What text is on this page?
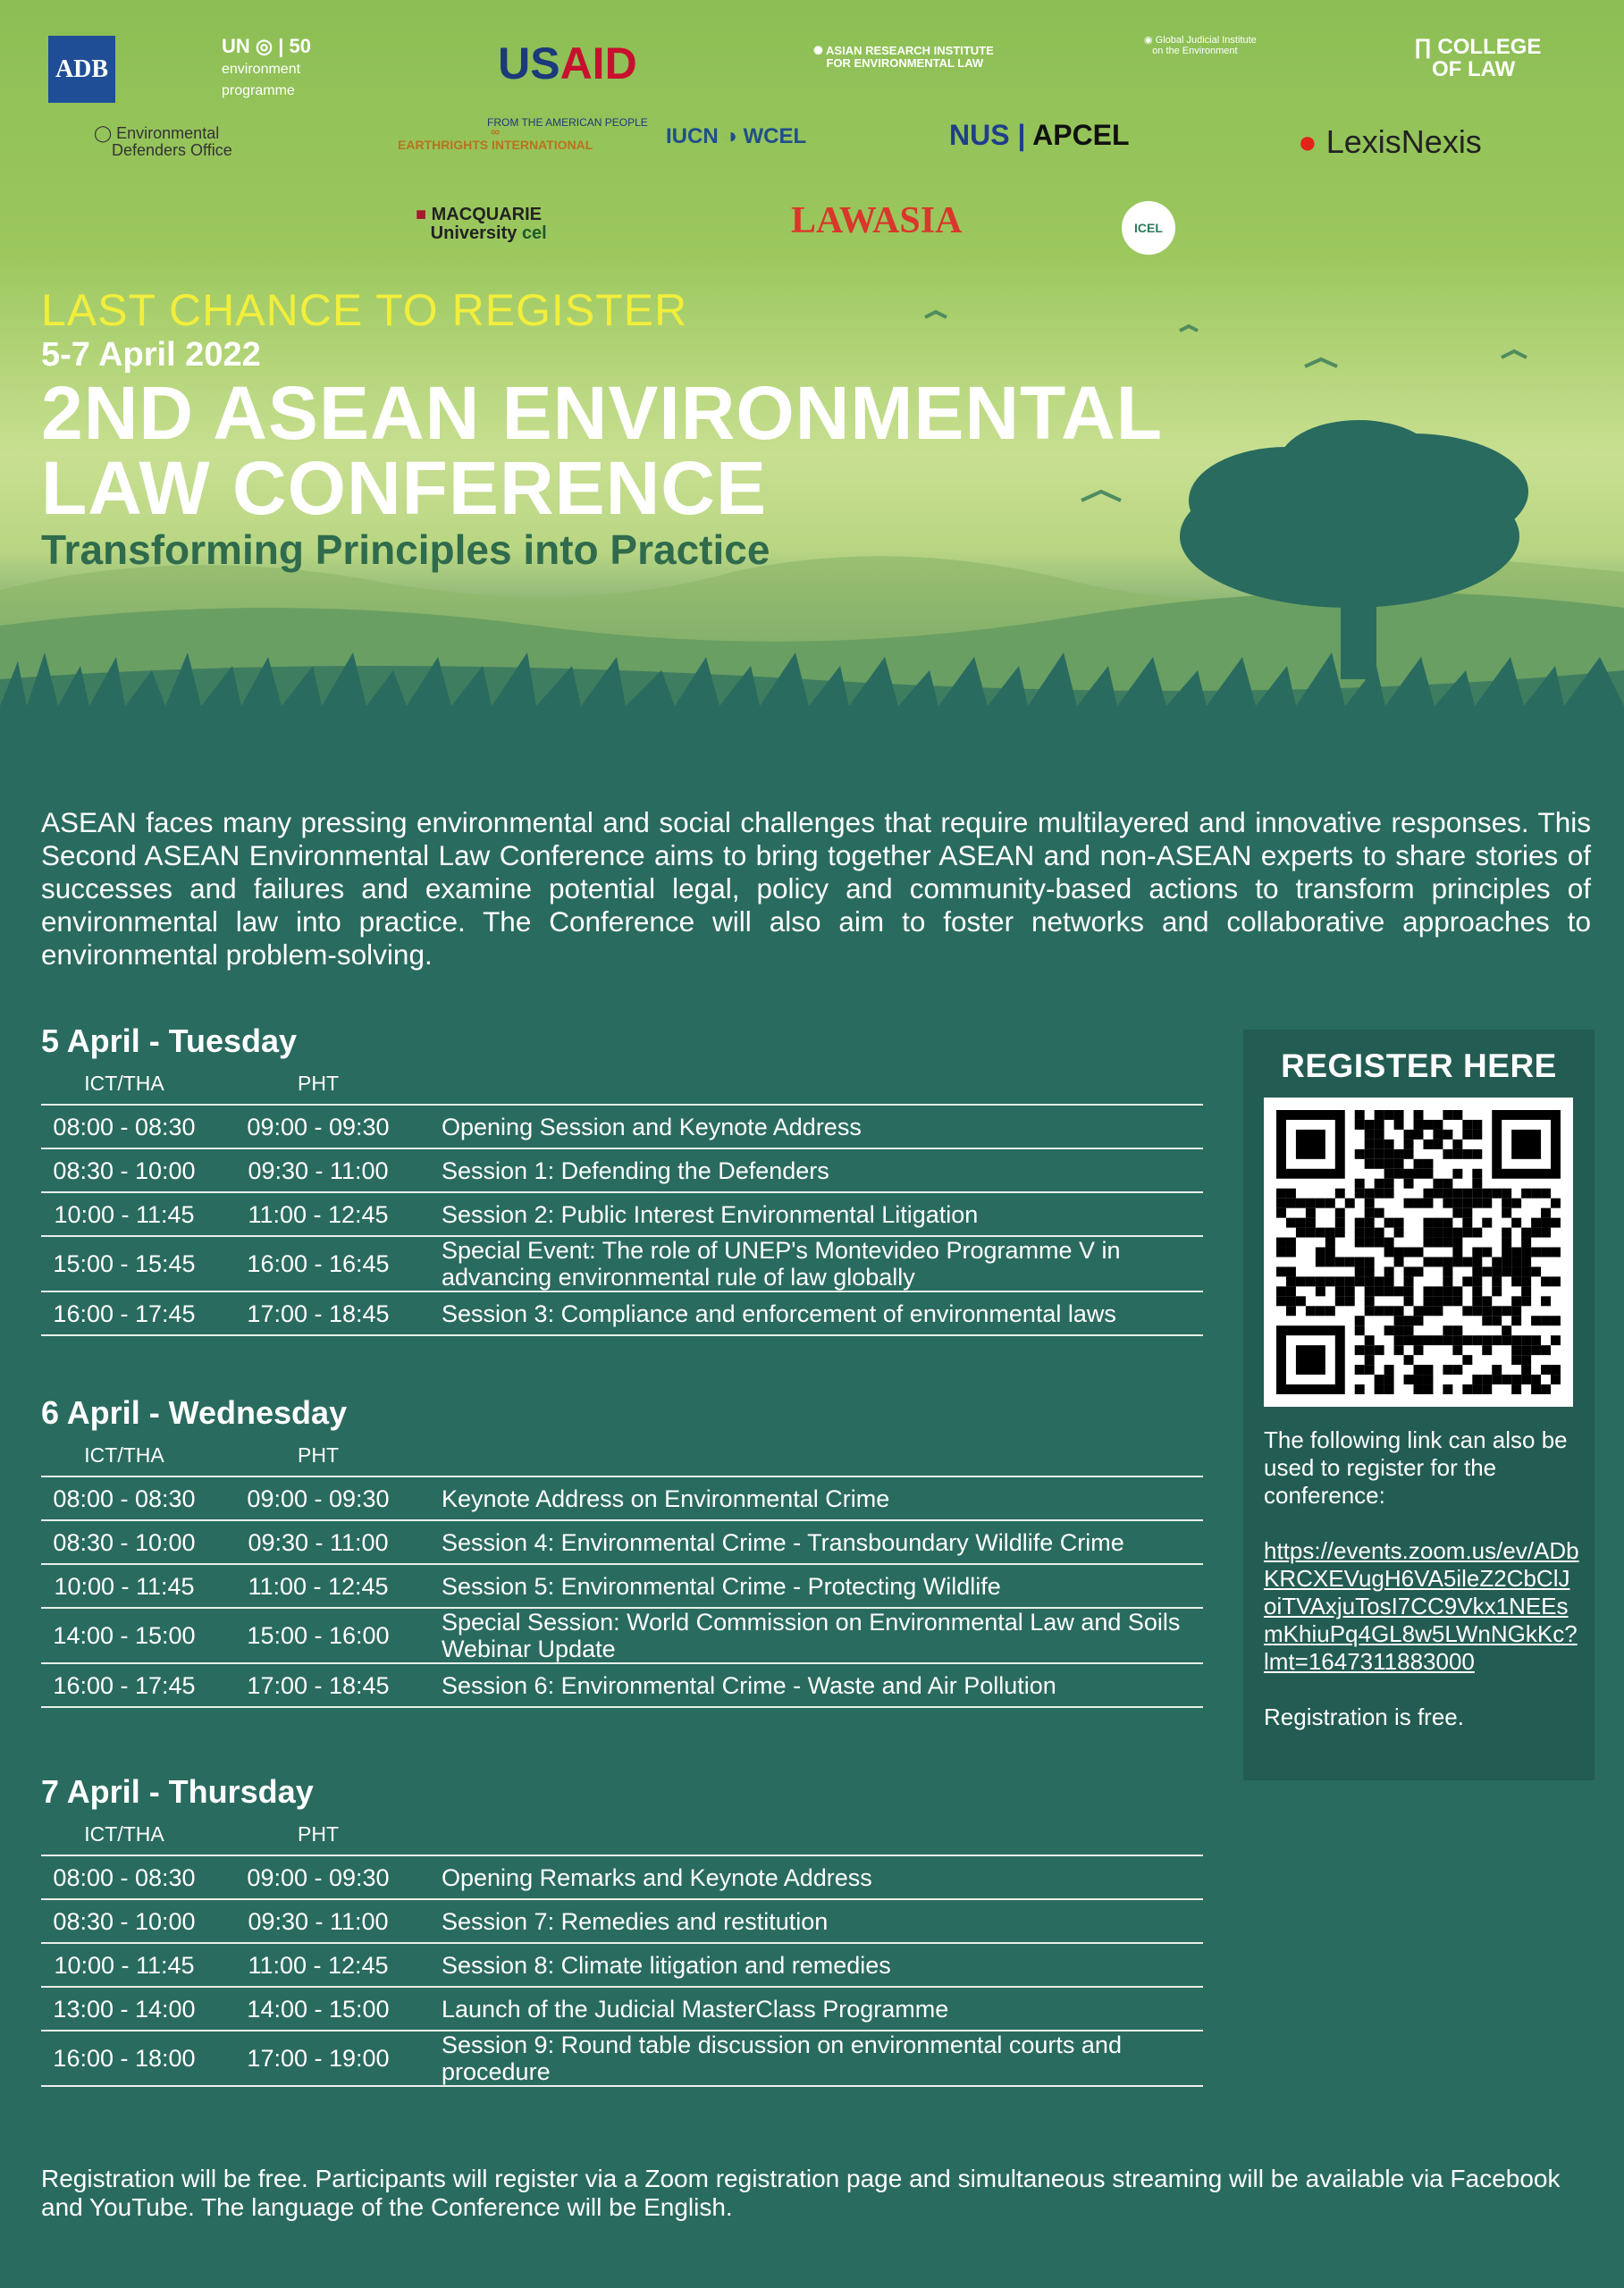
ADB
UN ◎ | 50
environment
programme
USAID
FROM THE AMERICAN PEOPLE
✺ ASIAN RESEARCH INSTITUTE
FOR ENVIRONMENTAL LAW
◉ Global Judicial Institute
on the Environment	∏ COLLEGE
OF LAW
◯ Environmental
Defenders Office
∞
EARTHRIGHTS INTERNATIONAL	IUCN ◑ WCEL	NUS | APCEL	● LexisNexis
■ MACQUARIE
University cel	LAWASIA	ICEL
LAST CHANCE TO REGISTER
5-7 April 2022
2ND ASEAN ENVIRONMENTAL
LAW CONFERENCE
Transforming Principles into Practice

ASEAN faces many pressing environmental and social challenges that require multilayered and innovative responses. This Second ASEAN Environmental Law Conference aims to bring together ASEAN and non-ASEAN experts to share stories of successes and failures and examine potential legal, policy and community-based actions to transform principles of environmental law into practice. The Conference will also aim to foster networks and collaborative approaches to environmental problem-solving.

5 April - Tuesday
ICT/THA	PHT	
08:00 - 08:30	09:00 - 09:30	Opening Session and Keynote Address
08:30 - 10:00	09:30 - 11:00	Session 1: Defending the Defenders
10:00 - 11:45	11:00 - 12:45	Session 2: Public Interest Environmental Litigation
15:00 - 15:45	16:00 - 16:45	Special Event: The role of UNEP's Montevideo Programme V in advancing environmental rule of law globally
16:00 - 17:45	17:00 - 18:45	Session 3: Compliance and enforcement of environmental laws
6 April - Wednesday
ICT/THA	PHT	
08:00 - 08:30	09:00 - 09:30	Keynote Address on Environmental Crime
08:30 - 10:00	09:30 - 11:00	Session 4: Environmental Crime - Transboundary Wildlife Crime
10:00 - 11:45	11:00 - 12:45	Session 5: Environmental Crime - Protecting Wildlife
14:00 - 15:00	15:00 - 16:00	Special Session: World Commission on Environmental Law and Soils Webinar Update
16:00 - 17:45	17:00 - 18:45	Session 6: Environmental Crime - Waste and Air Pollution
7 April - Thursday
ICT/THA	PHT	
08:00 - 08:30	09:00 - 09:30	Opening Remarks and Keynote Address
08:30 - 10:00	09:30 - 11:00	Session 7: Remedies and restitution
10:00 - 11:45	11:00 - 12:45	Session 8: Climate litigation and remedies
13:00 - 14:00	14:00 - 15:00	Launch of the Judicial MasterClass Programme
16:00 - 18:00	17:00 - 19:00	Session 9: Round table discussion on environmental courts and procedure
REGISTER HERE
The following link can also be used to register for the conference:
https://events.zoom.us/ev/ADbKRCXEVugH6VA5ileZ2CbClJoiTVAxjuTosI7CC9Vkx1NEEsmKhiuPq4GL8w5LWnNGkKc?lmt=1647311883000
Registration is free.

Registration will be free. Participants will register via a Zoom registration page and simultaneous streaming will be available via Facebook and YouTube. The language of the Conference will be English.
